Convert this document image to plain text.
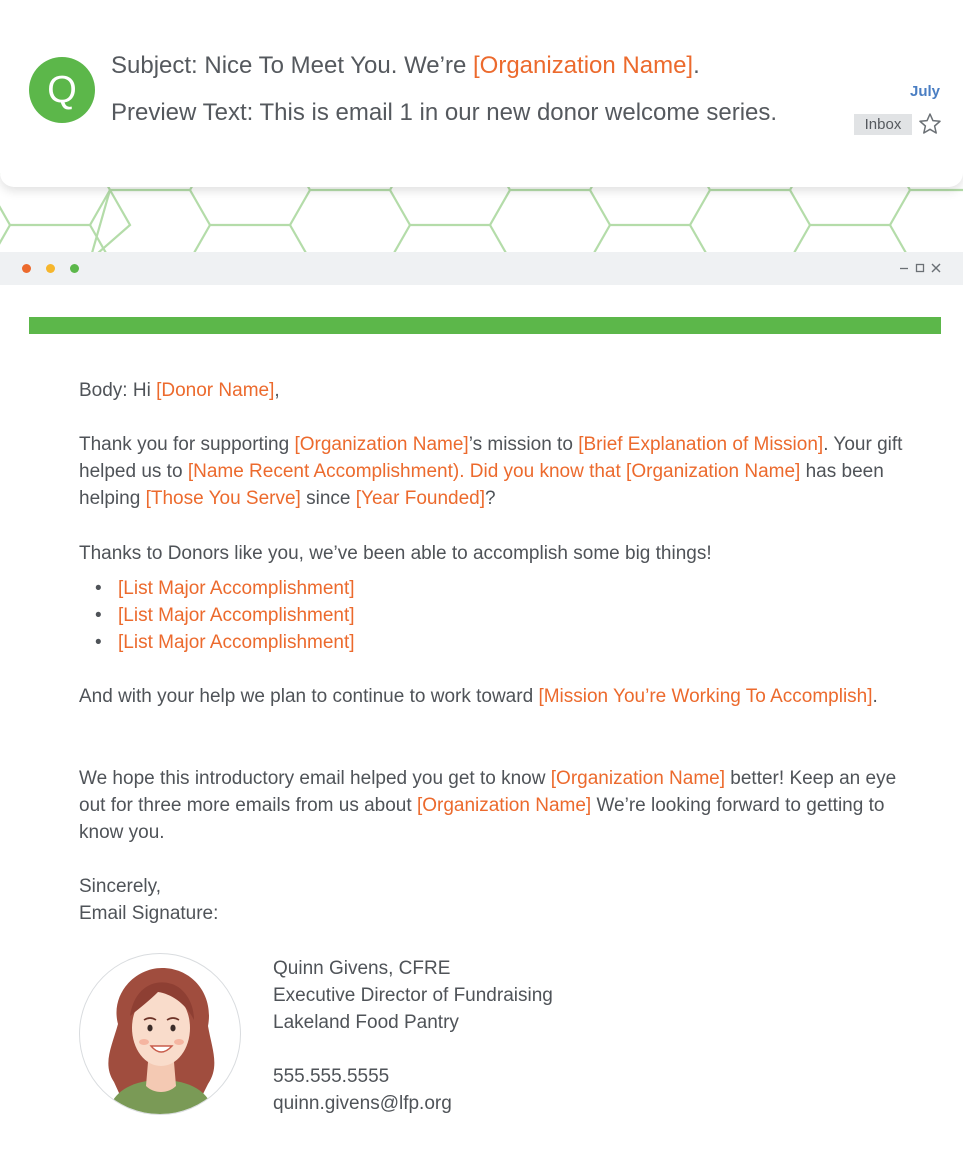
Q
Subject: Nice To Meet You. We’re [Organization Name].
Preview Text: This is email 1 in our new donor welcome series.
July
Inbox

Body: Hi [Donor Name],

Thank you for supporting [Organization Name]’s mission to [Brief Explanation of Mission]. Your gift helped us to [Name Recent Accomplishment). Did you know that [Organization Name] has been helping [Those You Serve] since [Year Founded]?

Thanks to Donors like you, we’ve been able to accomplish some big things!

• [List Major Accomplishment]
• [List Major Accomplishment]
• [List Major Accomplishment]

And with your help we plan to continue to work toward [Mission You’re Working To Accomplish].

We hope this introductory email helped you get to know [Organization Name] better! Keep an eye out for three more emails from us about [Organization Name] We’re looking forward to getting to know you.

Sincerely,
Email Signature:

Quinn Givens, CFRE
Executive Director of Fundraising
Lakeland Food Pantry
555.555.5555
quinn.givens@lfp.org
